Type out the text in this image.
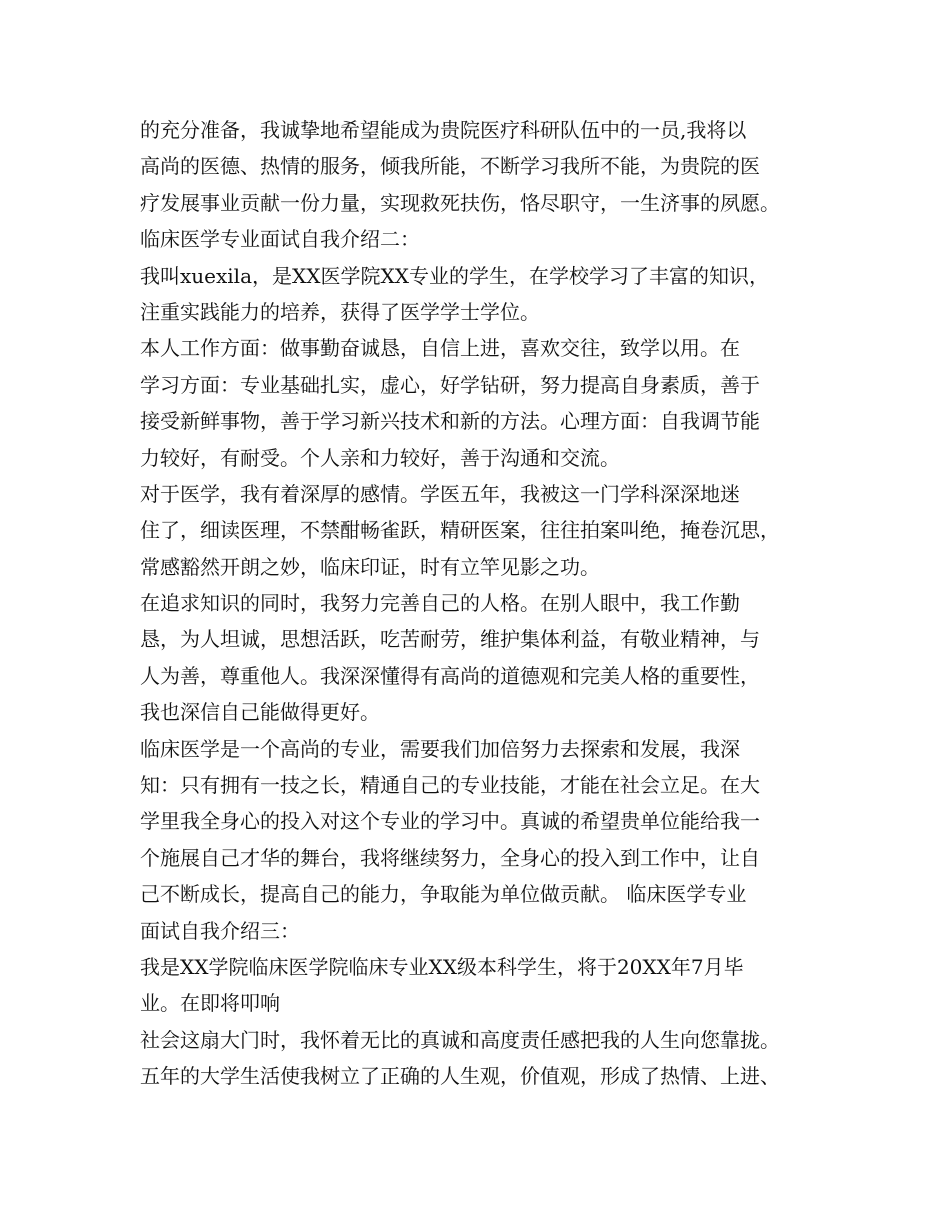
的充分准备，我诚挚地希望能成为贵院医疗科研队伍中的一员,我将以
高尚的医德、热情的服务，倾我所能，不断学习我所不能，为贵院的医
疗发展事业贡献一份力量，实现救死扶伤，恪尽职守，一生济事的夙愿。
临床医学专业面试自我介绍二：
我叫xuexila，是XX医学院XX专业的学生，在学校学习了丰富的知识，
注重实践能力的培养，获得了医学学士学位。
本人工作方面：做事勤奋诚恳，自信上进，喜欢交往，致学以用。在
学习方面：专业基础扎实，虚心，好学钻研，努力提高自身素质，善于
接受新鲜事物，善于学习新兴技术和新的方法。心理方面：自我调节能
力较好，有耐受。个人亲和力较好，善于沟通和交流。
对于医学，我有着深厚的感情。学医五年，我被这一门学科深深地迷
住了，细读医理，不禁酣畅雀跃，精研医案，往往拍案叫绝，掩卷沉思，
常感豁然开朗之妙，临床印证，时有立竿见影之功。
在追求知识的同时，我努力完善自己的人格。在别人眼中，我工作勤
恳，为人坦诚，思想活跃，吃苦耐劳，维护集体利益，有敬业精神，与
人为善，尊重他人。我深深懂得有高尚的道德观和完美人格的重要性，
我也深信自己能做得更好。
临床医学是一个高尚的专业，需要我们加倍努力去探索和发展，我深
知：只有拥有一技之长，精通自己的专业技能，才能在社会立足。在大
学里我全身心的投入对这个专业的学习中。真诚的希望贵单位能给我一
个施展自己才华的舞台，我将继续努力，全身心的投入到工作中，让自
己不断成长，提高自己的能力，争取能为单位做贡献。 临床医学专业
面试自我介绍三：
我是XX学院临床医学院临床专业XX级本科学生，将于20XX年7月毕
业。在即将叩响
社会这扇大门时，我怀着无比的真诚和高度责任感把我的人生向您靠拢。
五年的大学生活使我树立了正确的人生观，价值观，形成了热情、上进、
